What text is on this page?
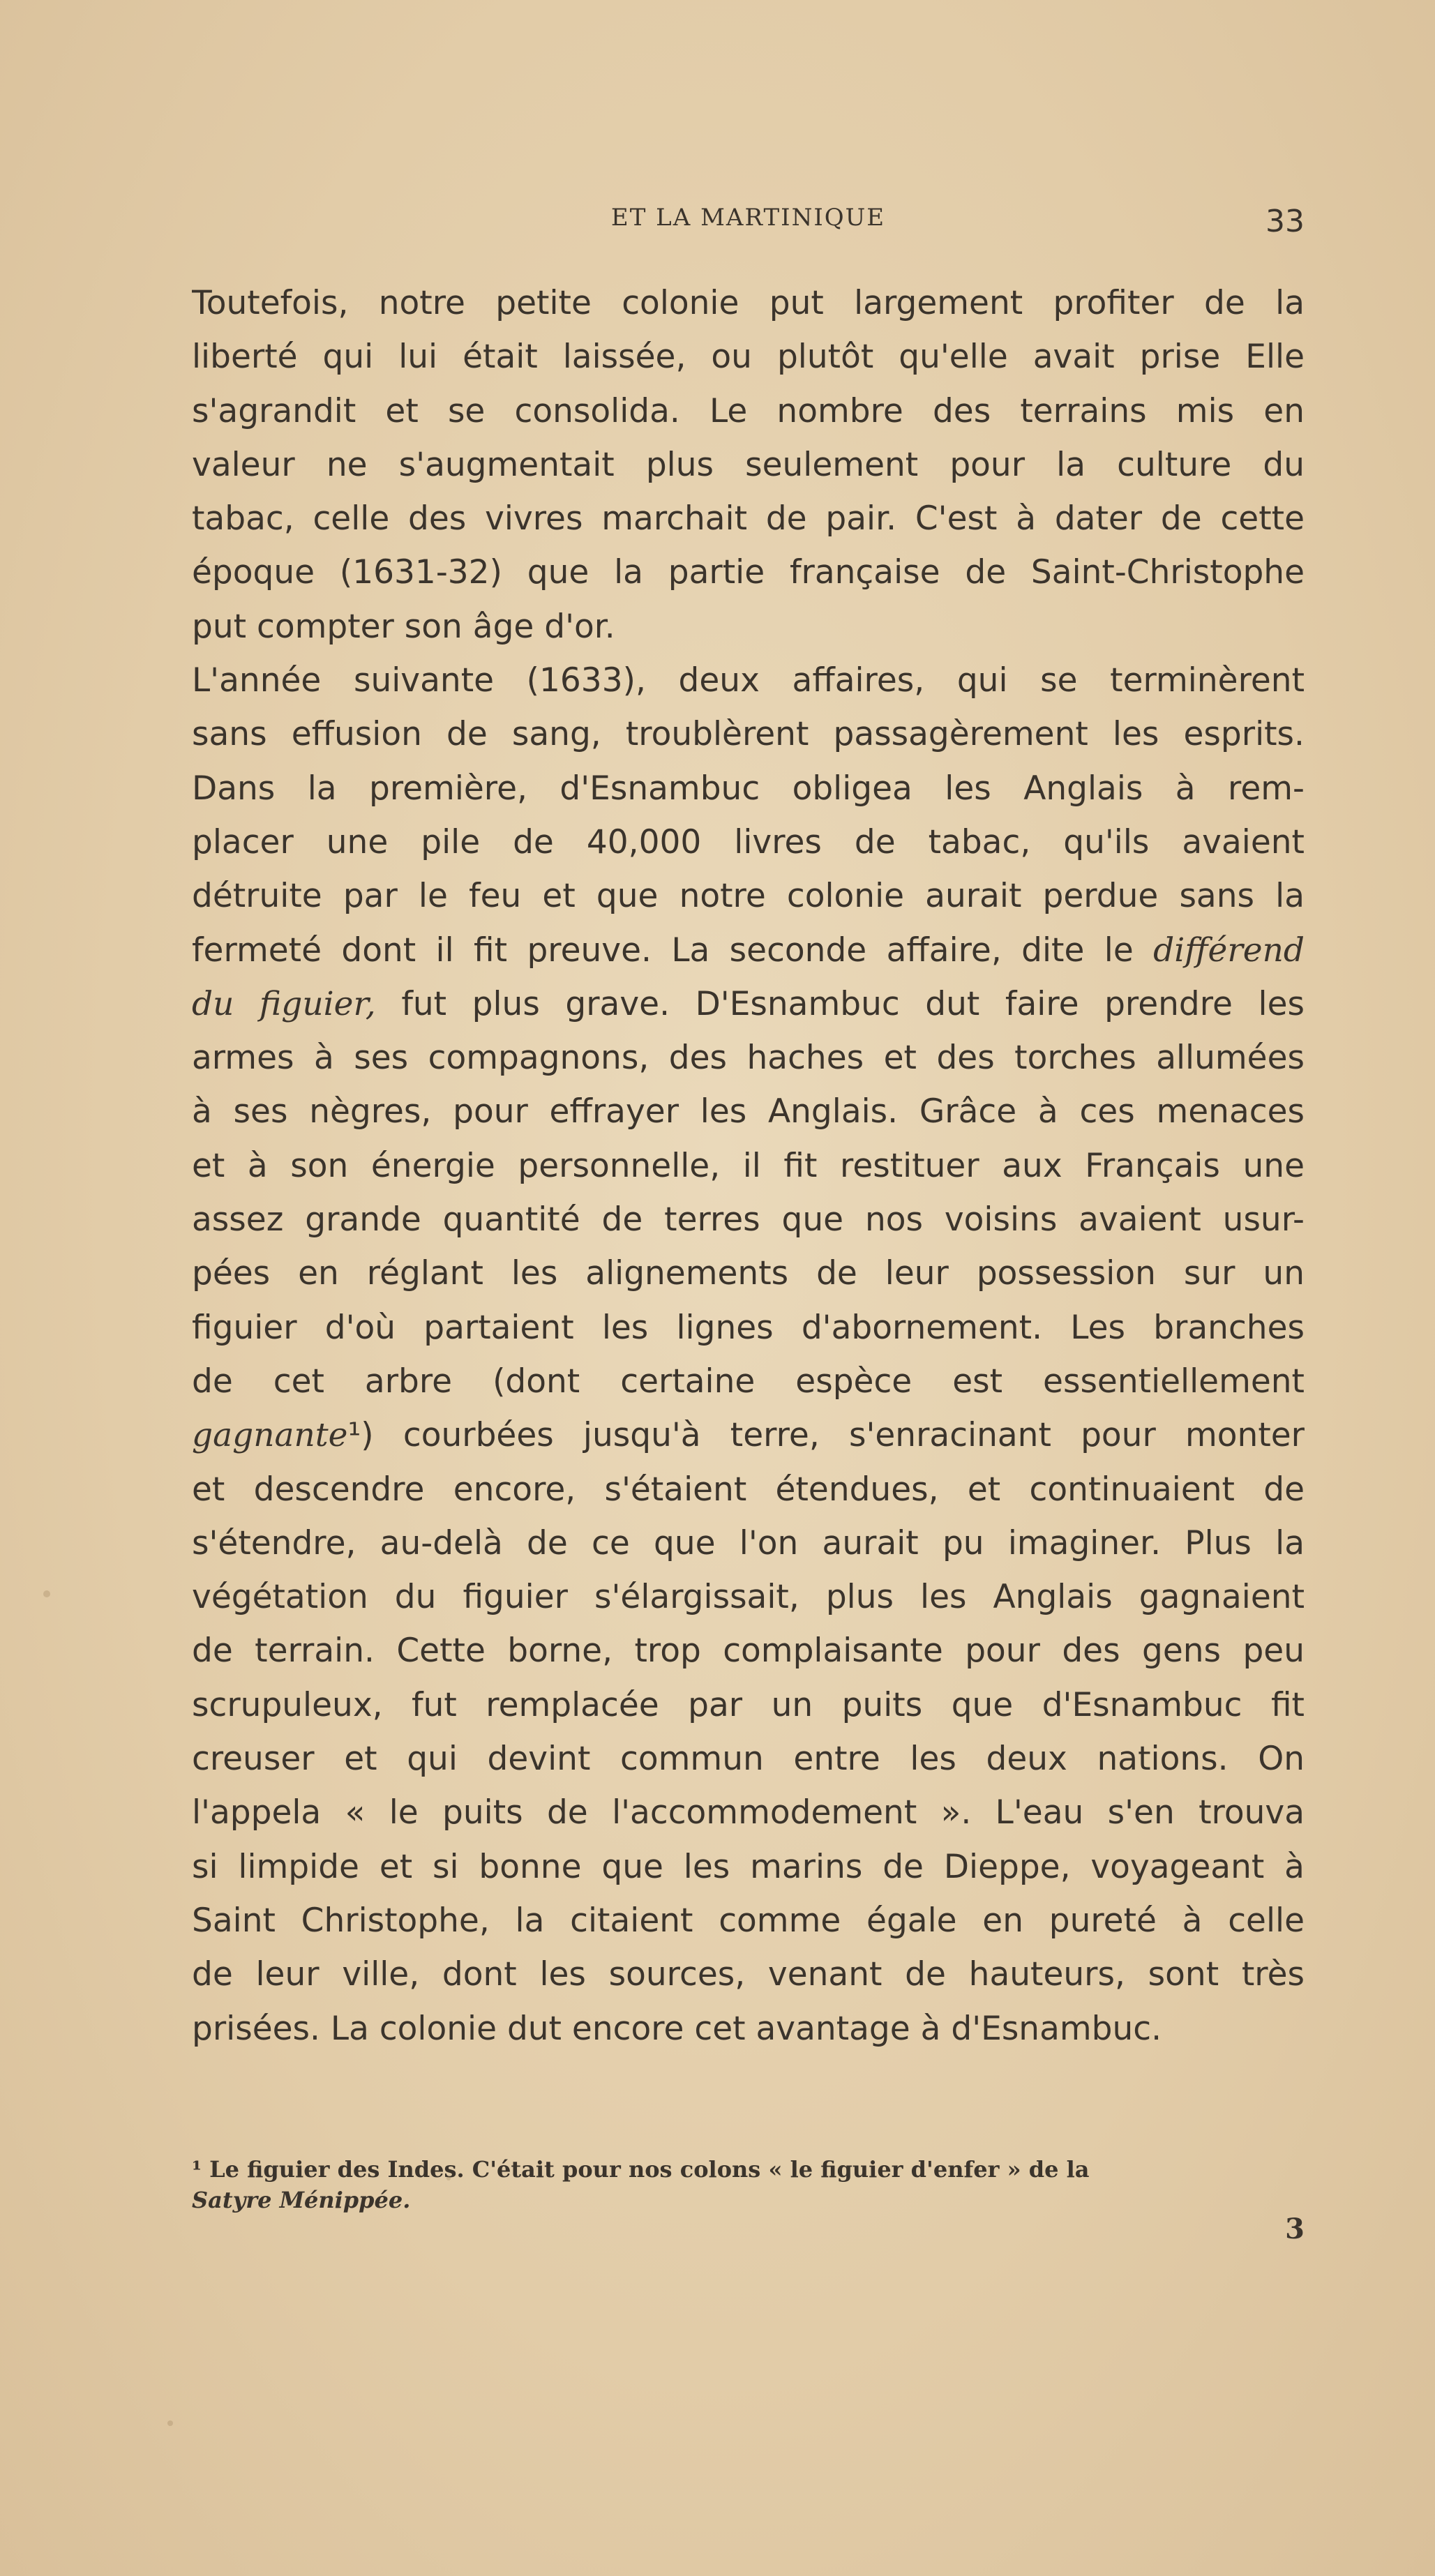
ET LA MARTINIQUE	33
Toutefois, notre petite colonie put largement profiter de la
liberté qui lui était laissée, ou plutôt qu'elle avait prise Elle
s'agrandit et se consolida. Le nombre des terrains mis en
valeur ne s'augmentait plus seulement pour la culture du
tabac, celle des vivres marchait de pair. C'est à dater de cette
époque (1631-32) que la partie française de Saint-Christophe
put compter son âge d'or.
L'année suivante (1633), deux affaires, qui se terminèrent
sans effusion de sang, troublèrent passagèrement les esprits.
Dans la première, d'Esnambuc obligea les Anglais à rem-
placer une pile de 40,000 livres de tabac, qu'ils avaient
détruite par le feu et que notre colonie aurait perdue sans la
fermeté dont il fit preuve. La seconde affaire, dite le différend
du figuier, fut plus grave. D'Esnambuc dut faire prendre les
armes à ses compagnons, des haches et des torches allumées
à ses nègres, pour effrayer les Anglais. Grâce à ces menaces
et à son énergie personnelle, il fit restituer aux Français une
assez grande quantité de terres que nos voisins avaient usur-
pées en réglant les alignements de leur possession sur un
figuier d'où partaient les lignes d'abornement. Les branches
de cet arbre (dont certaine espèce est essentiellement
gagnante¹) courbées jusqu'à terre, s'enracinant pour monter
et descendre encore, s'étaient étendues, et continuaient de
s'étendre, au-delà de ce que l'on aurait pu imaginer. Plus la
végétation du figuier s'élargissait, plus les Anglais gagnaient
de terrain. Cette borne, trop complaisante pour des gens peu
scrupuleux, fut remplacée par un puits que d'Esnambuc fit
creuser et qui devint commun entre les deux nations. On
l'appela « le puits de l'accommodement ». L'eau s'en trouva
si limpide et si bonne que les marins de Dieppe, voyageant à
Saint Christophe, la citaient comme égale en pureté à celle
de leur ville, dont les sources, venant de hauteurs, sont très
prisées. La colonie dut encore cet avantage à d'Esnambuc.
¹ Le figuier des Indes. C'était pour nos colons « le figuier d'enfer » de la
Satyre Ménippée.
3
